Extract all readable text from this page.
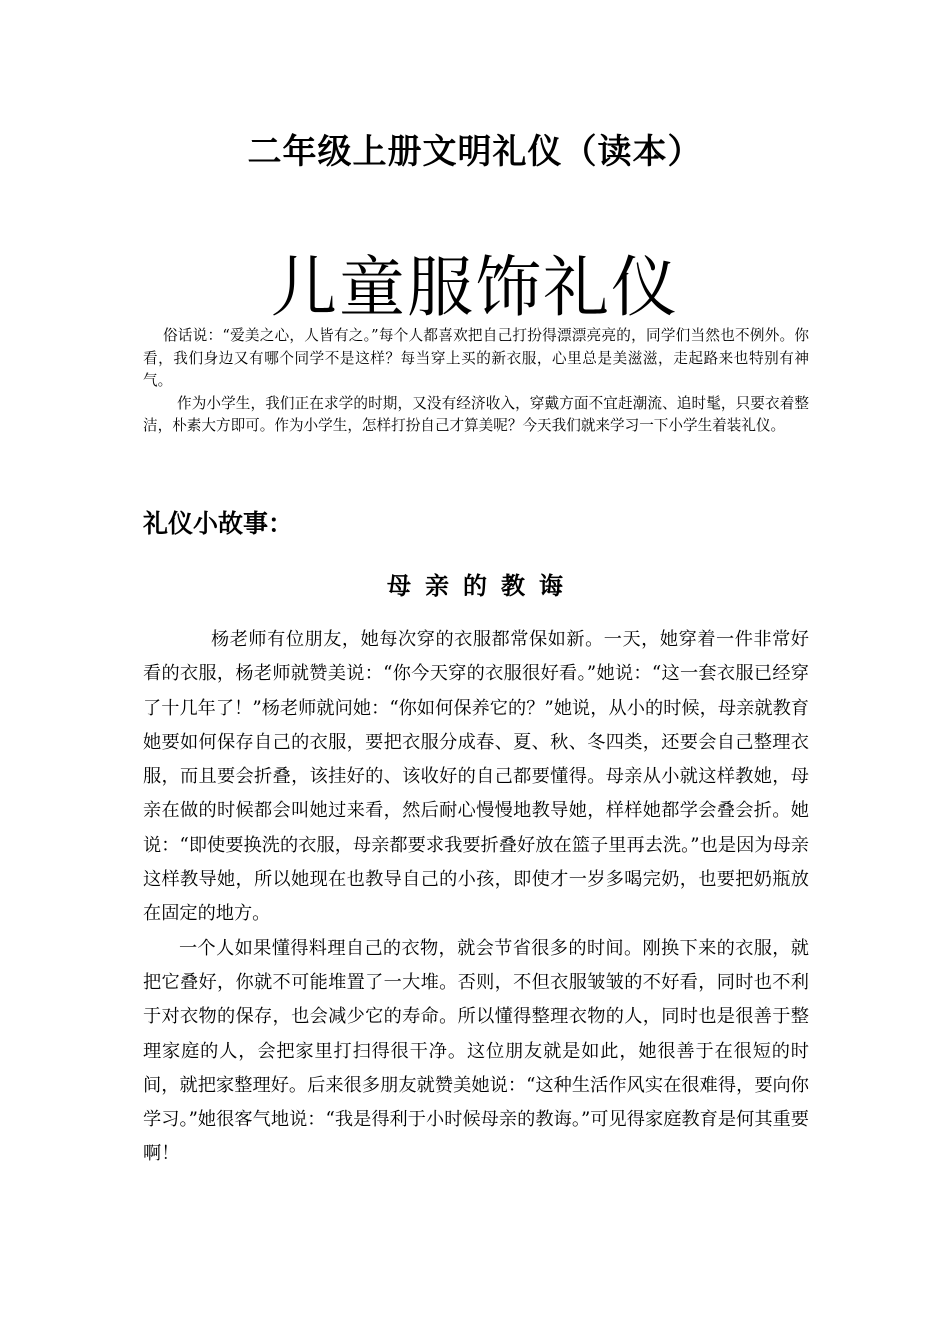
二年级上册文明礼仪（读本）
儿童服饰礼仪

俗话说：“爱美之心，人皆有之。”每个人都喜欢把自己打扮得漂漂亮亮的，同学们当然也不例外。你看，我们身边又有哪个同学不是这样？每当穿上买的新衣服，心里总是美滋滋，走起路来也特别有神气。

作为小学生，我们正在求学的时期，又没有经济收入，穿戴方面不宜赶潮流、追时髦，只要衣着整洁，朴素大方即可。作为小学生，怎样打扮自己才算美呢？今天我们就来学习一下小学生着装礼仪。

礼仪小故事：
母亲的教诲

杨老师有位朋友，她每次穿的衣服都常保如新。一天，她穿着一件非常好看的衣服，杨老师就赞美说：“你今天穿的衣服很好看。”她说：“这一套衣服已经穿了十几年了！”杨老师就问她：“你如何保养它的？”她说，从小的时候，母亲就教育她要如何保存自己的衣服，要把衣服分成春、夏、秋、冬四类，还要会自己整理衣服，而且要会折叠，该挂好的、该收好的自己都要懂得。母亲从小就这样教她，母亲在做的时候都会叫她过来看，然后耐心慢慢地教导她，样样她都学会叠会折。她说：“即使要换洗的衣服，母亲都要求我要折叠好放在篮子里再去洗。”也是因为母亲这样教导她，所以她现在也教导自己的小孩，即使才一岁多喝完奶，也要把奶瓶放在固定的地方。

一个人如果懂得料理自己的衣物，就会节省很多的时间。刚换下来的衣服，就把它叠好，你就不可能堆置了一大堆。否则，不但衣服皱皱的不好看，同时也不利于对衣物的保存，也会减少它的寿命。所以懂得整理衣物的人，同时也是很善于整理家庭的人，会把家里打扫得很干净。这位朋友就是如此，她很善于在很短的时间，就把家整理好。后来很多朋友就赞美她说：“这种生活作风实在很难得，要向你学习。”她很客气地说：“我是得利于小时候母亲的教诲。”可见得家庭教育是何其重要啊！
